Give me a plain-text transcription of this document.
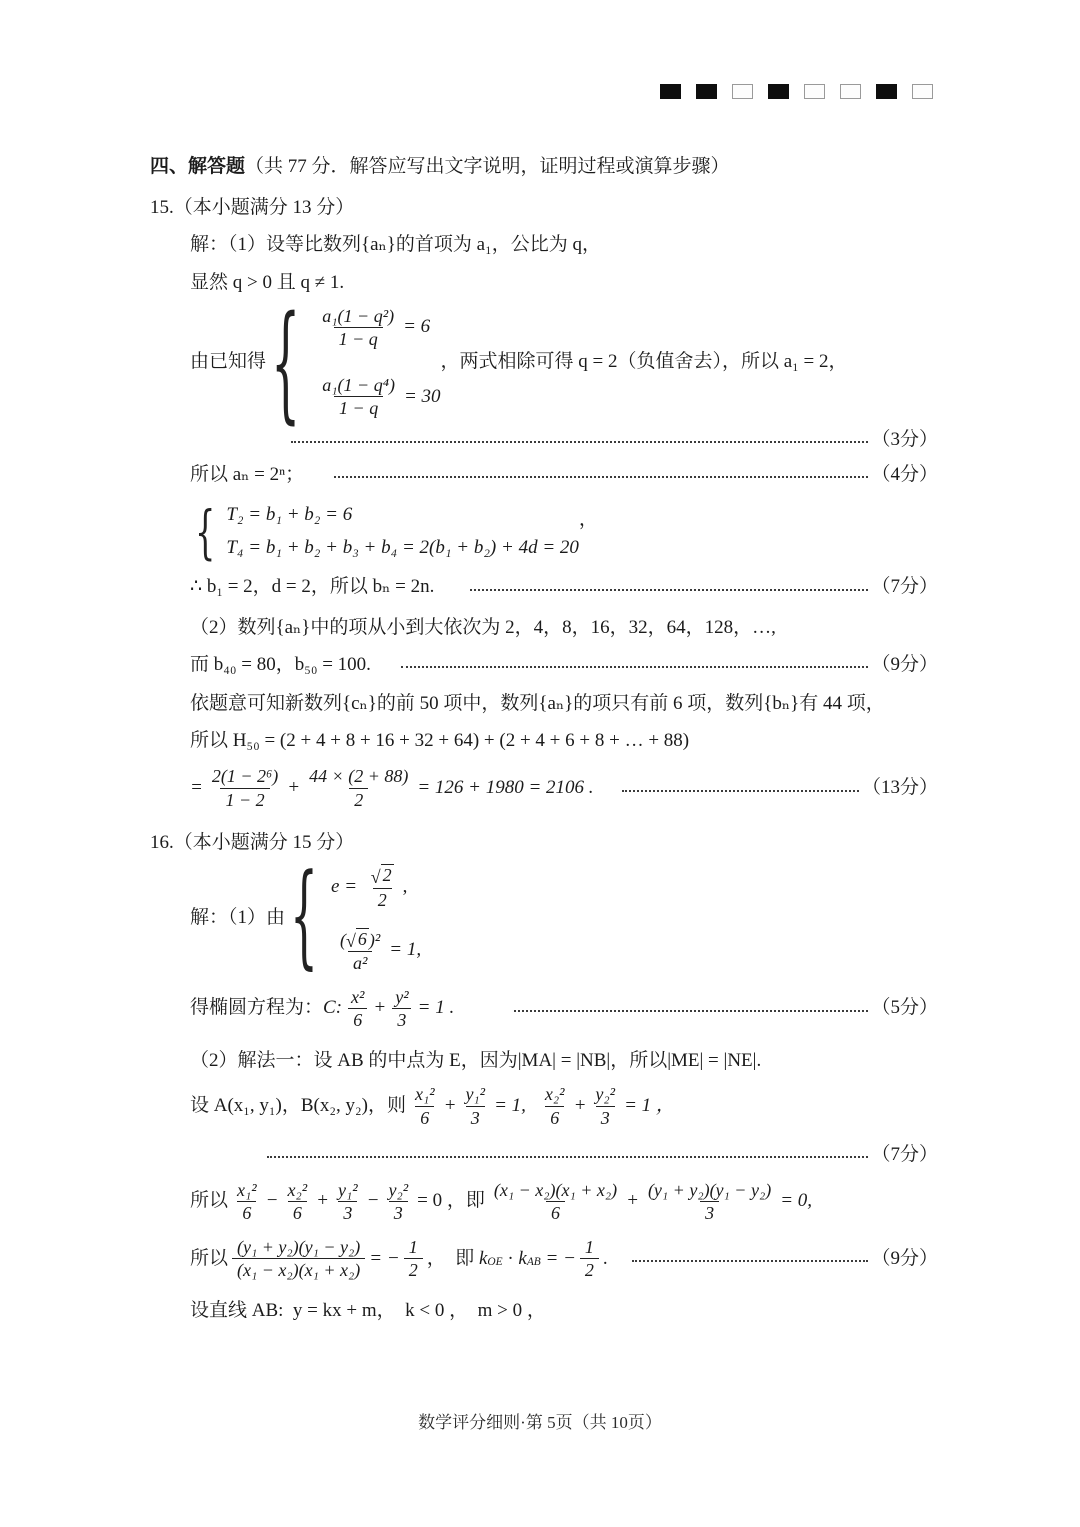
四、解答题 （共 77 分．解答应写出文字说明，证明过程或演算步骤）
15.（本小题满分 13 分）
解：（1）设等比数列{aₙ}的首项为 a₁，公比为 q，
显然 q > 0 且 q ≠ 1.
由已知得 { $\frac{\text{a₁(1 − q²)}}{1 - q} = 6$
$\frac{\text{a₁(1 − q⁴)}}{1 - q} = 30$
，两式相除可得 q = 2（负值舍去），所以 a₁ = 2，
（3分）
所以 aₙ = 2ⁿ；	（4分）
{ T₂ = b₁ + b₂ = 6
T₄ = b₁ + b₂ + b₃ + b₄ = 2(b₁ + b₂) + 4d = 20
，
∴ b₁ = 2，d = 2，所以 bₙ = 2n.	（7分）
（2）数列{aₙ}中的项从小到大依次为 2，4，8，16，32，64，128，…,
而 b₄₀ = 80，b₅₀ = 100.	（9分）
依题意可知新数列{cₙ}的前 50 项中，数列{aₙ}的项只有前 6 项，数列{bₙ}有 44 项，
所以 H₅₀ = (2 + 4 + 8 + 16 + 32 + 64) + (2 + 4 + 6 + 8 + … + 88)
= $\frac{\text{2(1 − 2⁶)}}{1 - 2} + \frac{44 \times (2 + 88)}{2} = 126 + 1980 = 2106$ .	（13分）
16.（本小题满分 15 分）
解：（1）由 { $e = \frac{√ 2}{2}$ ,
( √ 6 )²
a²
= 1,
得椭圆方程为： C: $\frac{\text{x²}}{6} + \frac{\text{y²}}{3} = 1$ .	（5分）
（2）解法一：设 AB 的中点为 E，因为|MA| = |NB|，所以|ME| = |NE|.
设 A(x₁, y₁)，B(x₂, y₂)，则 $\frac{\text{x₁²}}{6} + \frac{\text{y₁²}}{3} = 1$, $\frac{\text{x₂²}}{6} + \frac{\text{y₂²}}{3} = 1$ ，
（7分）
所以 $\frac{\text{x₁²}}{6} - \frac{\text{x₂²}}{6} + \frac{\text{y₁²}}{3} - \frac{\text{y₂²}}{3} = 0$ ，即 $\frac{\text{(x₁ − x₂)(x₁ + x₂)}}{6} + \frac{\text{(y₁ + y₂)(y₁ − y₂)}}{3} = 0$,
所以 $\frac{\text{(y₁ + y₂)(y₁ − y₂)}}{\text{(x₁ − x₂)(x₁ + x₂)}}$ = − $\frac{1}{2}$ ，  即 k OE · k AB = − $\frac{1}{2}$ .	（9分）
设直线 AB:  y = kx + m，  k < 0 ，  m > 0 ，
数学评分细则·第 5页（共 10页）
